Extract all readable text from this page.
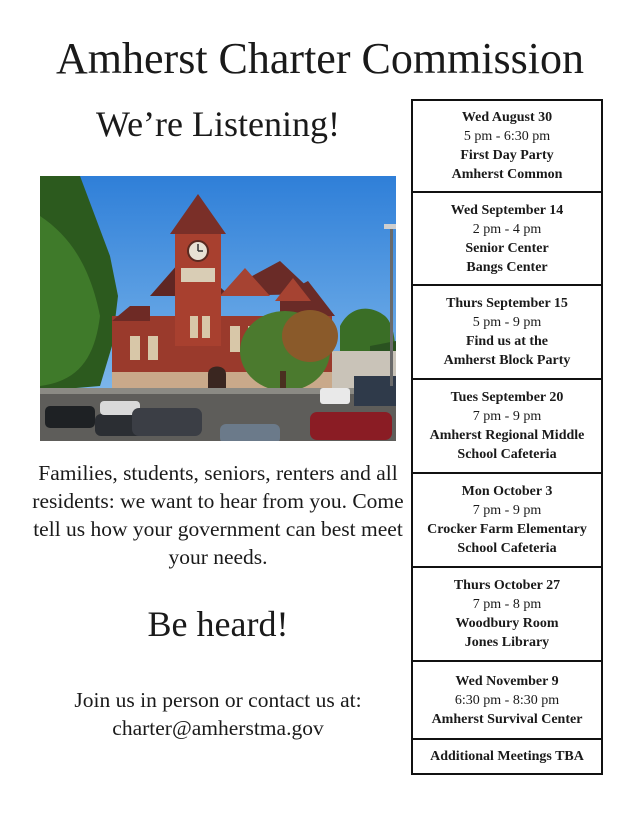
Amherst Charter Commission
We’re Listening!

Families, students, seniors, renters and all residents: we want to hear from you. Come tell us how your government can best meet your needs.

Be heard!
Join us in person or contact us at:
charter@amherstma.gov
Wed August 30
5 pm - 6:30 pm
First Day Party
Amherst Common
Wed September 14
2 pm - 4 pm
Senior Center
Bangs Center
Thurs September 15
5 pm - 9 pm
Find us at the
Amherst Block Party
Tues September 20
7 pm - 9 pm
Amherst Regional Middle
School Cafeteria
Mon October 3
7 pm - 9 pm
Crocker Farm Elementary
School Cafeteria
Thurs October 27
7 pm - 8 pm
Woodbury Room
Jones Library
Wed November 9
6:30 pm - 8:30 pm
Amherst Survival Center
Additional Meetings TBA
